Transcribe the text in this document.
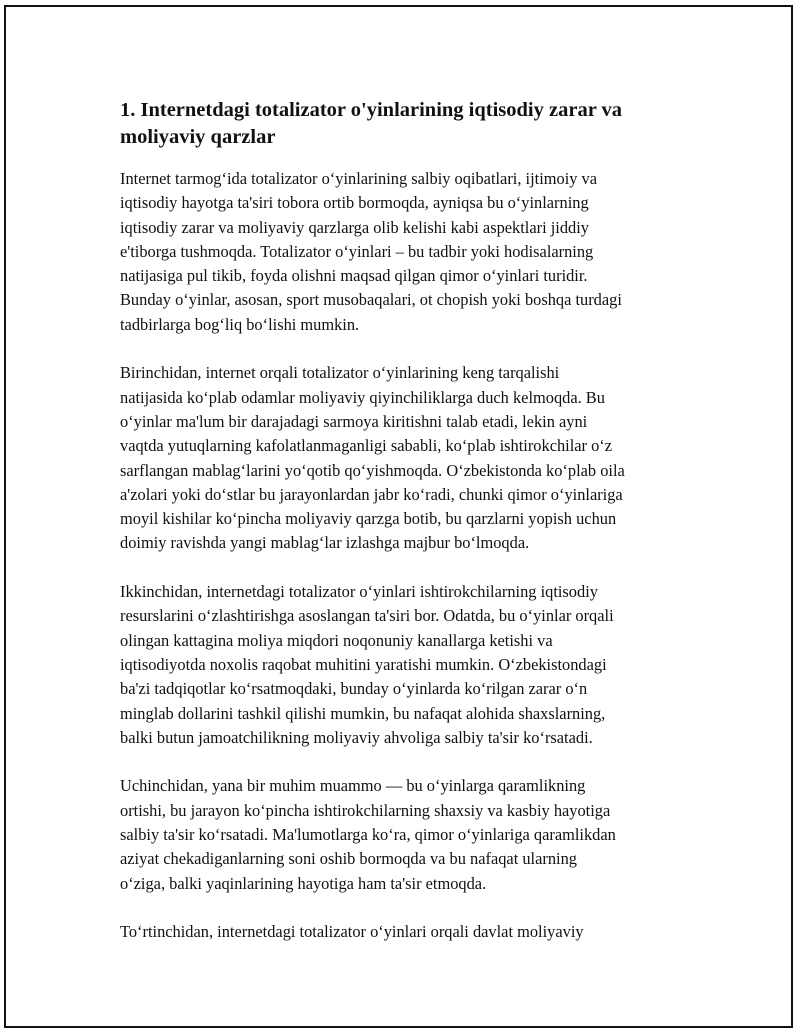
1. Internetdagi totalizator o'yinlarining iqtisodiy zarar va
moliyaviy qarzlar

Internet tarmog‘ida totalizator o‘yinlarining salbiy oqibatlari, ijtimoiy va
iqtisodiy hayotga ta'siri tobora ortib bormoqda, ayniqsa bu o‘yinlarning
iqtisodiy zarar va moliyaviy qarzlarga olib kelishi kabi aspektlari jiddiy
e'tiborga tushmoqda. Totalizator o‘yinlari – bu tadbir yoki hodisalarning
natijasiga pul tikib, foyda olishni maqsad qilgan qimor o‘yinlari turidir.
Bunday o‘yinlar, asosan, sport musobaqalari, ot chopish yoki boshqa turdagi
tadbirlarga bog‘liq bo‘lishi mumkin.

Birinchidan, internet orqali totalizator o‘yinlarining keng tarqalishi
natijasida ko‘plab odamlar moliyaviy qiyinchiliklarga duch kelmoqda. Bu
o‘yinlar ma'lum bir darajadagi sarmoya kiritishni talab etadi, lekin ayni
vaqtda yutuqlarning kafolatlanmaganligi sababli, ko‘plab ishtirokchilar o‘z
sarflangan mablag‘larini yo‘qotib qo‘yishmoqda. O‘zbekistonda ko‘plab oila
a'zolari yoki do‘stlar bu jarayonlardan jabr ko‘radi, chunki qimor o‘yinlariga
moyil kishilar ko‘pincha moliyaviy qarzga botib, bu qarzlarni yopish uchun
doimiy ravishda yangi mablag‘lar izlashga majbur bo‘lmoqda.

Ikkinchidan, internetdagi totalizator o‘yinlari ishtirokchilarning iqtisodiy
resurslarini o‘zlashtirishga asoslangan ta'siri bor. Odatda, bu o‘yinlar orqali
olingan kattagina moliya miqdori noqonuniy kanallarga ketishi va
iqtisodiyotda noxolis raqobat muhitini yaratishi mumkin. O‘zbekistondagi
ba'zi tadqiqotlar ko‘rsatmoqdaki, bunday o‘yinlarda ko‘rilgan zarar o‘n
minglab dollarini tashkil qilishi mumkin, bu nafaqat alohida shaxslarning,
balki butun jamoatchilikning moliyaviy ahvoliga salbiy ta'sir ko‘rsatadi.

Uchinchidan, yana bir muhim muammo — bu o‘yinlarga qaramlikning
ortishi, bu jarayon ko‘pincha ishtirokchilarning shaxsiy va kasbiy hayotiga
salbiy ta'sir ko‘rsatadi. Ma'lumotlarga ko‘ra, qimor o‘yinlariga qaramlikdan
aziyat chekadiganlarning soni oshib bormoqda va bu nafaqat ularning
o‘ziga, balki yaqinlarining hayotiga ham ta'sir etmoqda.

To‘rtinchidan, internetdagi totalizator o‘yinlari orqali davlat moliyaviy
